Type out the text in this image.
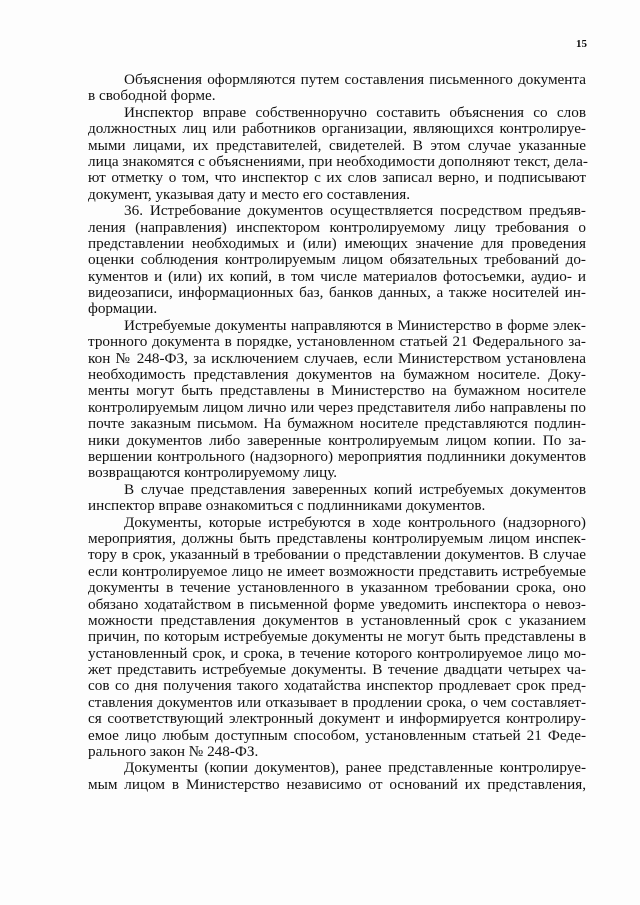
15
Объяснения оформляются путем составления письменного документа
в свободной форме.
Инспектор вправе собственноручно составить объяснения со слов
должностных лиц или работников организации, являющихся контролируе-
мыми лицами, их представителей, свидетелей. В этом случае указанные
лица знакомятся с объяснениями, при необходимости дополняют текст, дела-
ют отметку о том, что инспектор с их слов записал верно, и подписывают
документ, указывая дату и место его составления.
36. Истребование документов осуществляется посредством предъяв-
ления (направления) инспектором контролируемому лицу требования о
представлении необходимых и (или) имеющих значение для проведения
оценки соблюдения контролируемым лицом обязательных требований до-
кументов и (или) их копий, в том числе материалов фотосъемки, аудио- и
видеозаписи, информационных баз, банков данных, а также носителей ин-
формации.
Истребуемые документы направляются в Министерство в форме элек-
тронного документа в порядке, установленном статьей 21 Федерального за-
кон № 248-ФЗ, за исключением случаев, если Министерством установлена
необходимость представления документов на бумажном носителе. Доку-
менты могут быть представлены в Министерство на бумажном носителе
контролируемым лицом лично или через представителя либо направлены по
почте заказным письмом. На бумажном носителе представляются подлин-
ники документов либо заверенные контролируемым лицом копии. По за-
вершении контрольного (надзорного) мероприятия подлинники документов
возвращаются контролируемому лицу.
В случае представления заверенных копий истребуемых документов
инспектор вправе ознакомиться с подлинниками документов.
Документы, которые истребуются в ходе контрольного (надзорного)
мероприятия, должны быть представлены контролируемым лицом инспек-
тору в срок, указанный в требовании о представлении документов. В случае
если контролируемое лицо не имеет возможности представить истребуемые
документы в течение установленного в указанном требовании срока, оно
обязано ходатайством в письменной форме уведомить инспектора о невоз-
можности представления документов в установленный срок с указанием
причин, по которым истребуемые документы не могут быть представлены в
установленный срок, и срока, в течение которого контролируемое лицо мо-
жет представить истребуемые документы. В течение двадцати четырех ча-
сов со дня получения такого ходатайства инспектор продлевает срок пред-
ставления документов или отказывает в продлении срока, о чем составляет-
ся соответствующий электронный документ и информируется контролиру-
емое лицо любым доступным способом, установленным статьей 21 Феде-
рального закон № 248-ФЗ.
Документы (копии документов), ранее представленные контролируе-
мым лицом в Министерство независимо от оснований их представления,
